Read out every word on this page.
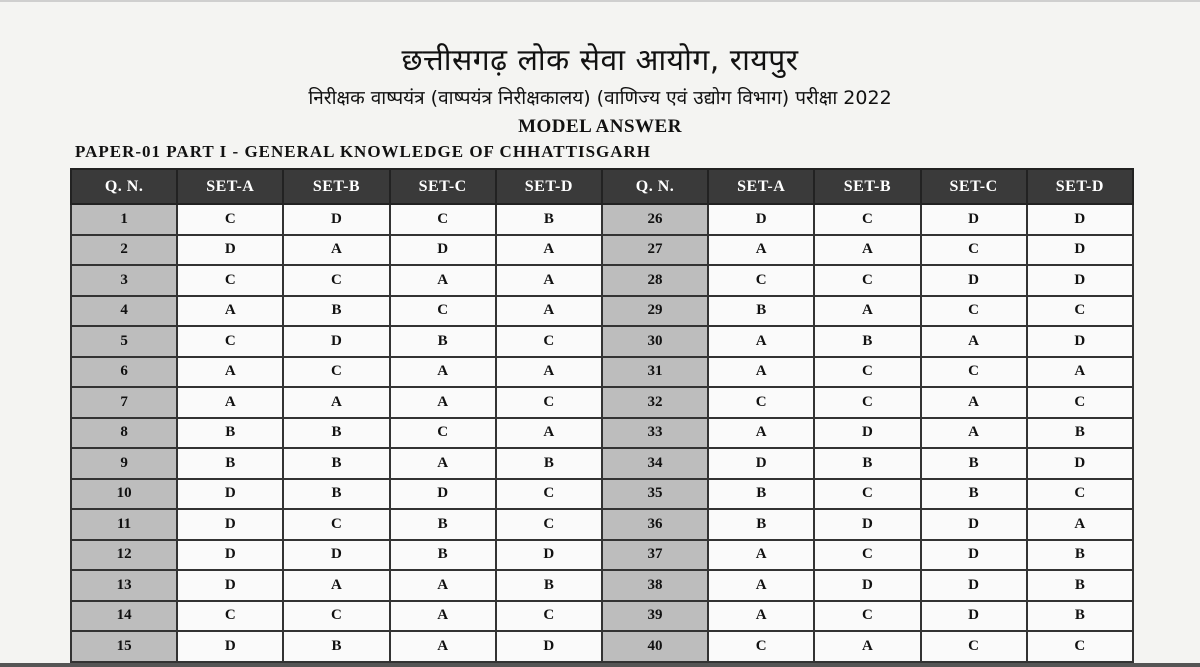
छत्तीसगढ़ लोक सेवा आयोग, रायपुर
निरीक्षक वाष्पयंत्र (वाष्पयंत्र निरीक्षकालय) (वाणिज्य एवं उद्योग विभाग) परीक्षा 2022
MODEL ANSWER
PAPER-01 PART I - GENERAL KNOWLEDGE OF CHHATTISGARH
Q. N.	SET-A	SET-B	SET-C	SET-D	Q. N.	SET-A	SET-B	SET-C	SET-D
1	C	D	C	B	26	D	C	D	D
2	D	A	D	A	27	A	A	C	D
3	C	C	A	A	28	C	C	D	D
4	A	B	C	A	29	B	A	C	C
5	C	D	B	C	30	A	B	A	D
6	A	C	A	A	31	A	C	C	A
7	A	A	A	C	32	C	C	A	C
8	B	B	C	A	33	A	D	A	B
9	B	B	A	B	34	D	B	B	D
10	D	B	D	C	35	B	C	B	C
11	D	C	B	C	36	B	D	D	A
12	D	D	B	D	37	A	C	D	B
13	D	A	A	B	38	A	D	D	B
14	C	C	A	C	39	A	C	D	B
15	D	B	A	D	40	C	A	C	C
